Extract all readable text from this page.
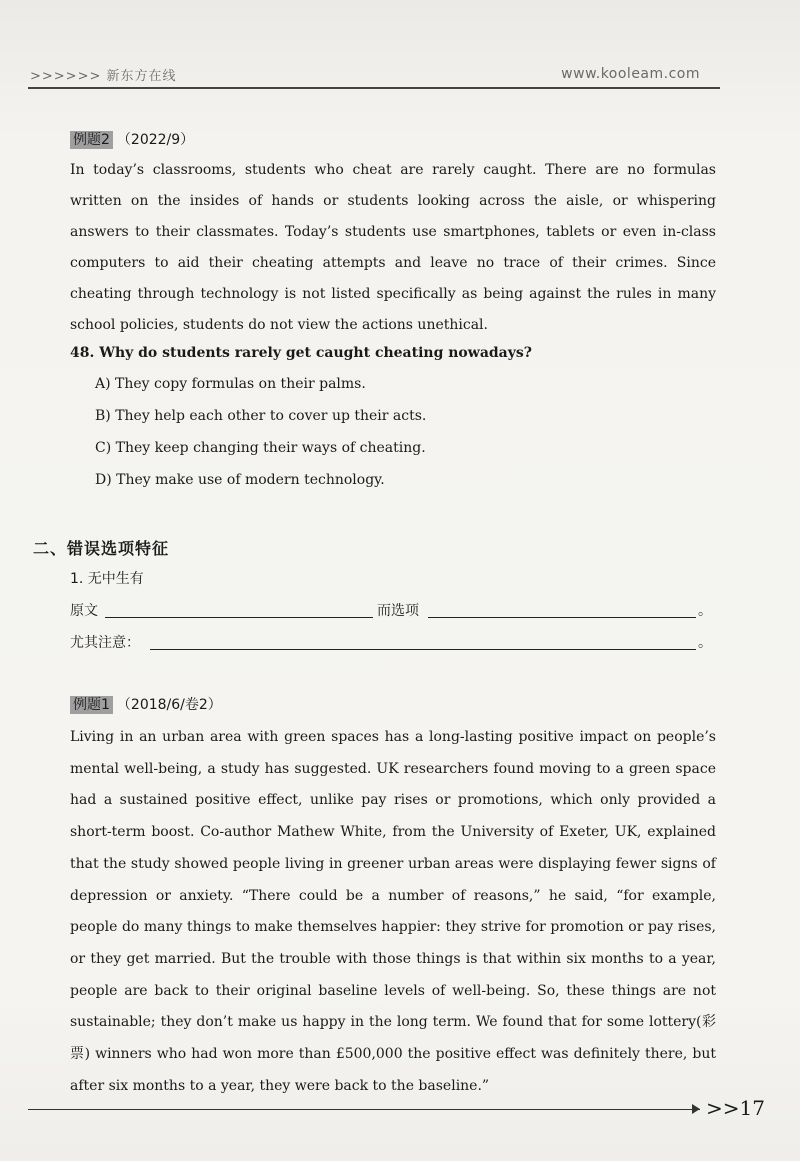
>>>>>> 新东方在线	www.kooleam.com
例题2 （2022/9）
In today’s classrooms, students who cheat are rarely caught. There are no formulas written on the insides of hands or students looking across the aisle, or whispering answers to their classmates. Today’s students use smartphones, tablets or even in-class computers to aid their cheating attempts and leave no trace of their crimes. Since cheating through technology is not listed specifically as being against the rules in many school policies, students do not view the actions unethical.
48. Why do students rarely get caught cheating nowadays?
A) They copy formulas on their palms.
B) They help each other to cover up their acts.
C) They keep changing their ways of cheating.
D) They make use of modern technology.
二、错误选项特征
1. 无中生有
原文	而选项	。
尤其注意：	。
例题1 （2018/6/卷2）
Living in an urban area with green spaces has a long-lasting positive impact on people’s mental well-being, a study has suggested. UK researchers found moving to a green space had a sustained positive effect, unlike pay rises or promotions, which only provided a short-term boost. Co-author Mathew White, from the University of Exeter, UK, explained that the study showed people living in greener urban areas were displaying fewer signs of depression or anxiety. “There could be a number of reasons,” he said, “for example, people do many things to make themselves happier: they strive for promotion or pay rises, or they get married. But the trouble with those things is that within six months to a year, people are back to their original baseline levels of well-being. So, these things are not sustainable; they don’t make us happy in the long term. We found that for some lottery(彩票) winners who had won more than £500,000 the positive effect was definitely there, but after six months to a year, they were back to the baseline.”
>>17
